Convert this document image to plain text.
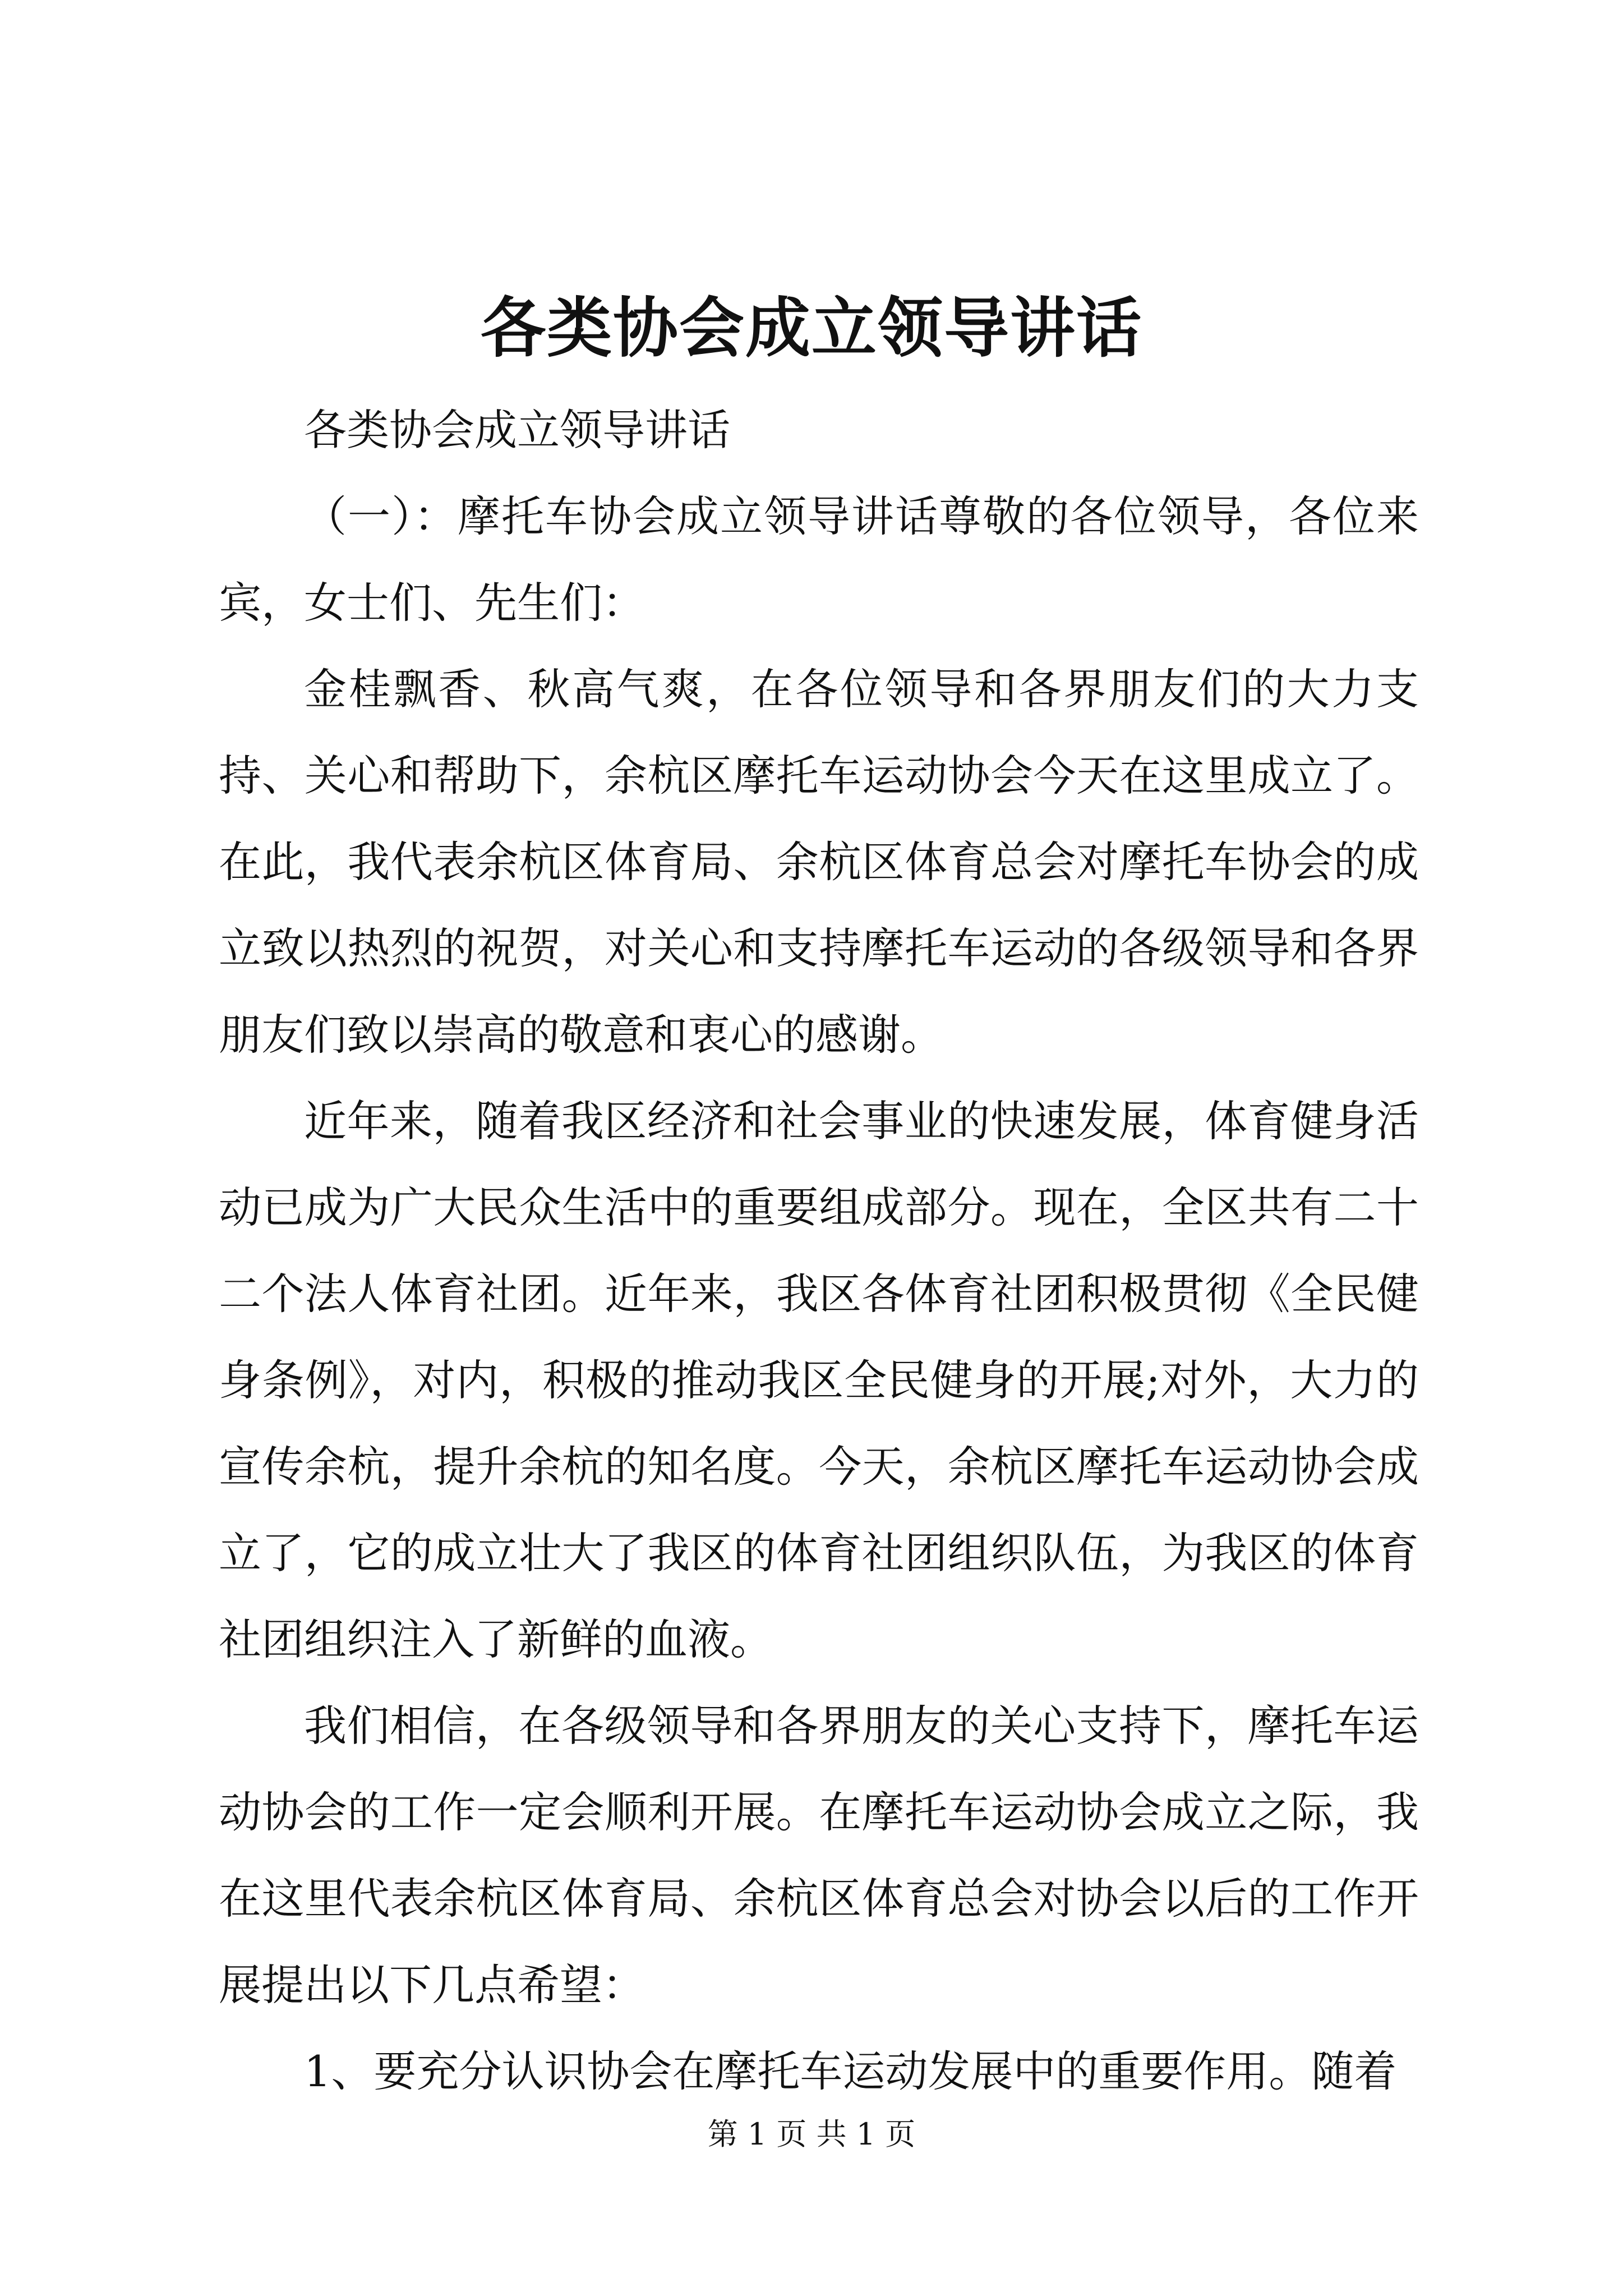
各类协会成立领导讲话

各类协会成立领导讲话

（一）：摩托车协会成立领导讲话尊敬的各位领导，各位来宾，女士们、先生们：

金桂飘香、秋高气爽，在各位领导和各界朋友们的大力支持、关心和帮助下，余杭区摩托车运动协会今天在这里成立了。在此，我代表余杭区体育局、余杭区体育总会对摩托车协会的成立致以热烈的祝贺，对关心和支持摩托车运动的各级领导和各界朋友们致以崇高的敬意和衷心的感谢。

近年来，随着我区经济和社会事业的快速发展，体育健身活动已成为广大民众生活中的重要组成部分。现在，全区共有二十二个法人体育社团。近年来，我区各体育社团积极贯彻《全民健身条例》，对内，积极的推动我区全民健身的开展;对外，大力的宣传余杭，提升余杭的知名度。今天，余杭区摩托车运动协会成立了，它的成立壮大了我区的体育社团组织队伍，为我区的体育社团组织注入了新鲜的血液。

我们相信，在各级领导和各界朋友的关心支持下，摩托车运动协会的工作一定会顺利开展。在摩托车运动协会成立之际，我在这里代表余杭区体育局、余杭区体育总会对协会以后的工作开展提出以下几点希望：

1、要充分认识协会在摩托车运动发展中的重要作用。随着

第 1 页 共 1 页
